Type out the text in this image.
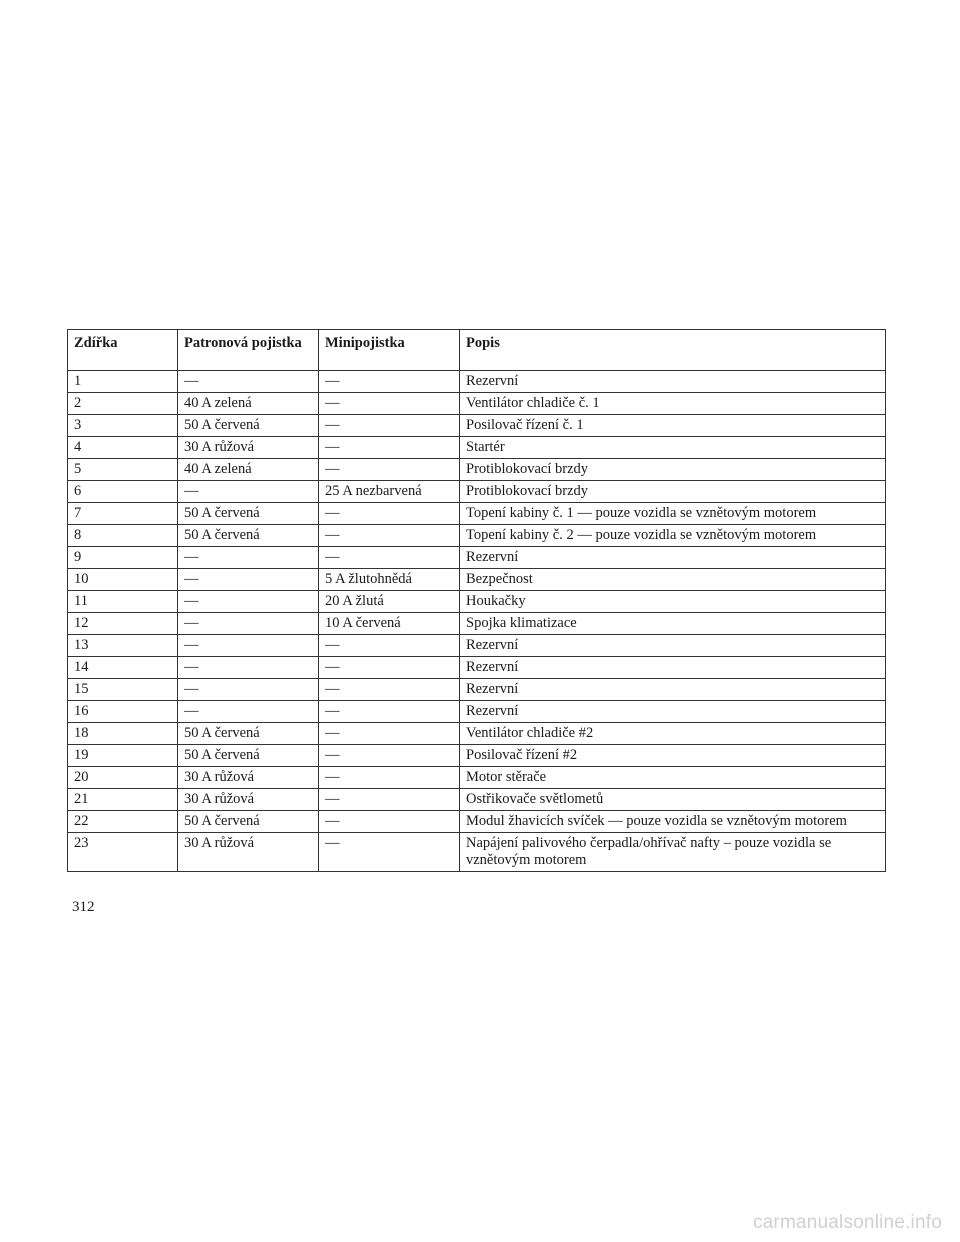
Zdířka	Patronová pojistka	Minipojistka	Popis
1	—	—	Rezervní
2	40 A zelená	—	Ventilátor chladiče č. 1
3	50 A červená	—	Posilovač řízení č. 1
4	30 A růžová	—	Startér
5	40 A zelená	—	Protiblokovací brzdy
6	—	25 A nezbarvená	Protiblokovací brzdy
7	50 A červená	—	Topení kabiny č. 1 — pouze vozidla se vznětovým motorem
8	50 A červená	—	Topení kabiny č. 2 — pouze vozidla se vznětovým motorem
9	—	—	Rezervní
10	—	5 A žlutohnědá	Bezpečnost
11	—	20 A žlutá	Houkačky
12	—	10 A červená	Spojka klimatizace
13	—	—	Rezervní
14	—	—	Rezervní
15	—	—	Rezervní
16	—	—	Rezervní
18	50 A červená	—	Ventilátor chladiče #2
19	50 A červená	—	Posilovač řízení #2
20	30 A růžová	—	Motor stěrače
21	30 A růžová	—	Ostřikovače světlometů
22	50 A červená	—	Modul žhavicích svíček — pouze vozidla se vznětovým motorem
23	30 A růžová	—	Napájení palivového čerpadla/ohřívač nafty – pouze vozidla se vznětovým motorem
312
carmanualsonline.info
